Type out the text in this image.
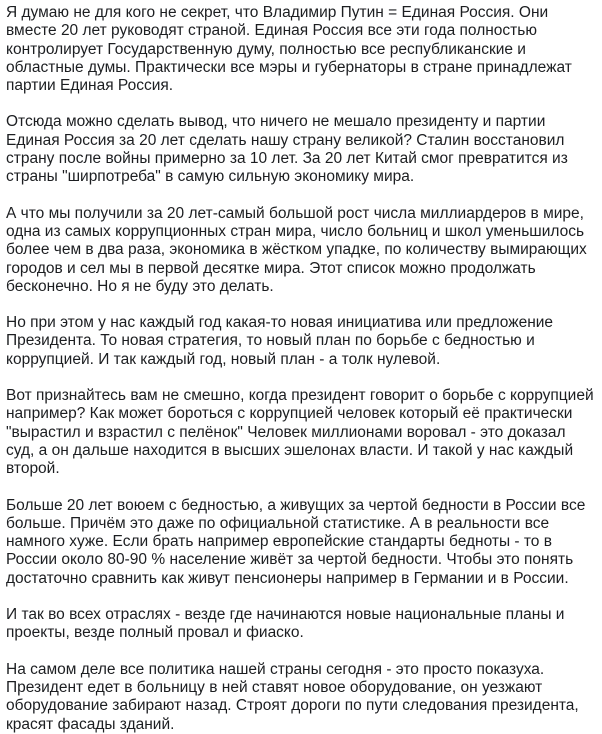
Я думаю не для кого не секрет, что Владимир Путин = Единая Россия. Они вместе 20 лет руководят страной. Единая Россия все эти года полностью контролирует Государственную думу, полностью все республиканские и областные думы. Практически все мэры и губернаторы в стране принадлежат партии Единая Россия.

Отсюда можно сделать вывод, что ничего не мешало президенту и партии Единая Россия за 20 лет сделать нашу страну великой? Сталин восстановил страну после войны примерно за 10 лет. За 20 лет Китай смог превратится из страны "ширпотреба" в самую сильную экономику мира.

А что мы получили за 20 лет-самый большой рост числа миллиардеров в мире, одна из самых коррупционных стран мира, число больниц и школ уменьшилось более чем в два раза, экономика в жёстком упадке, по количеству вымирающих городов и сел мы в первой десятке мира. Этот список можно продолжать бесконечно. Но я не буду это делать.

Но при этом у нас каждый год какая-то новая инициатива или предложение Президента. То новая стратегия, то новый план по борьбе с бедностью и коррупцией. И так каждый год, новый план - а толк нулевой.

Вот признайтесь вам не смешно, когда президент говорит о борьбе с коррупцией например? Как может бороться с коррупцией человек который её практически "вырастил и взрастил с пелёнок" Человек миллионами воровал - это доказал суд, а он дальше находится в высших эшелонах власти. И такой у нас каждый второй.

Больше 20 лет воюем с бедностью, а живущих за чертой бедности в России все больше. Причём это даже по официальной статистике. А в реальности все намного хуже. Если брать например европейские стандарты бедноты - то в России около 80-90 % население живёт за чертой бедности. Чтобы это понять достаточно сравнить как живут пенсионеры например в Германии и в России.

И так во всех отраслях - везде где начинаются новые национальные планы и проекты, везде полный провал и фиаско.

На самом деле все политика нашей страны сегодня - это просто показуха. Президент едет в больницу в ней ставят новое оборудование, он уезжают оборудование забирают назад. Строят дороги по пути следования президента, красят фасады зданий.
